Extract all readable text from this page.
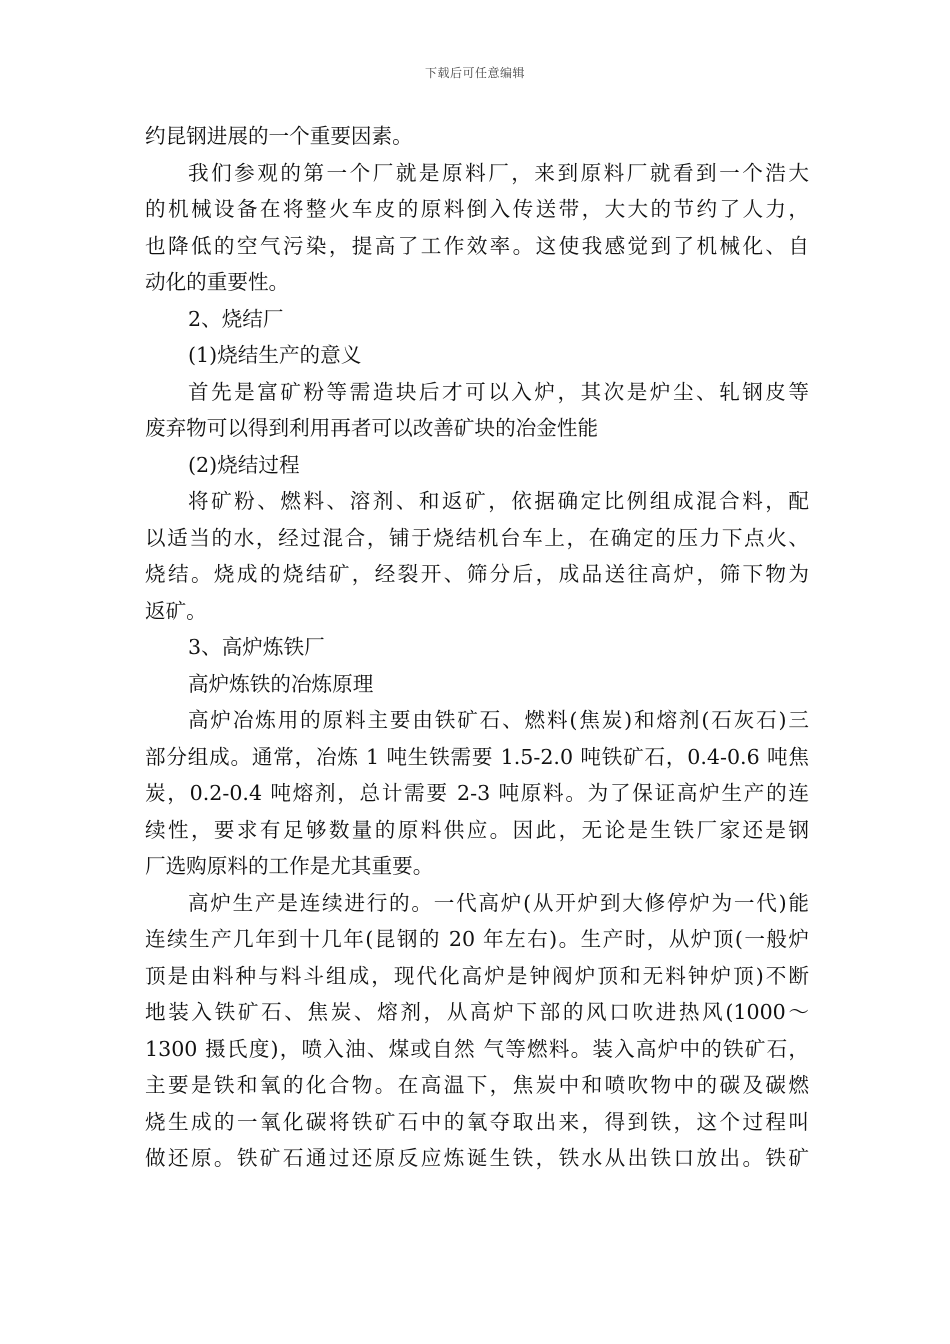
下载后可任意编辑
约昆钢进展的一个重要因素。
我们参观的第一个厂就是原料厂，来到原料厂就看到一个浩大
的机械设备在将整火车皮的原料倒入传送带，大大的节约了人力，
也降低的空气污染，提高了工作效率。这使我感觉到了机械化、自
动化的重要性。
2、烧结厂
(1)烧结生产的意义
首先是富矿粉等需造块后才可以入炉，其次是炉尘、轧钢皮等
废弃物可以得到利用再者可以改善矿块的冶金性能
(2)烧结过程
将矿粉、燃料、溶剂、和返矿，依据确定比例组成混合料，配
以适当的水，经过混合，铺于烧结机台车上，在确定的压力下点火、
烧结。烧成的烧结矿，经裂开、筛分后，成品送往高炉，筛下物为
返矿。
3、高炉炼铁厂
高炉炼铁的冶炼原理
高炉冶炼用的原料主要由铁矿石、燃料(焦炭)和熔剂(石灰石)三
部分组成。通常，冶炼 1 吨生铁需要 1.5-2.0 吨铁矿石，0.4-0.6 吨焦
炭，0.2-0.4 吨熔剂，总计需要 2-3 吨原料。为了保证高炉生产的连
续性，要求有足够数量的原料供应。因此，无论是生铁厂家还是钢
厂选购原料的工作是尤其重要。
高炉生产是连续进行的。一代高炉(从开炉到大修停炉为一代)能
连续生产几年到十几年(昆钢的 20 年左右)。生产时，从炉顶(一般炉
顶是由料种与料斗组成，现代化高炉是钟阀炉顶和无料钟炉顶)不断
地装入铁矿石、焦炭、熔剂，从高炉下部的风口吹进热风(1000～
1300 摄氏度)，喷入油、煤或自然 气等燃料。装入高炉中的铁矿石，
主要是铁和氧的化合物。在高温下，焦炭中和喷吹物中的碳及碳燃
烧生成的一氧化碳将铁矿石中的氧夺取出来，得到铁，这个过程叫
做还原。铁矿石通过还原反应炼诞生铁，铁水从出铁口放出。铁矿
